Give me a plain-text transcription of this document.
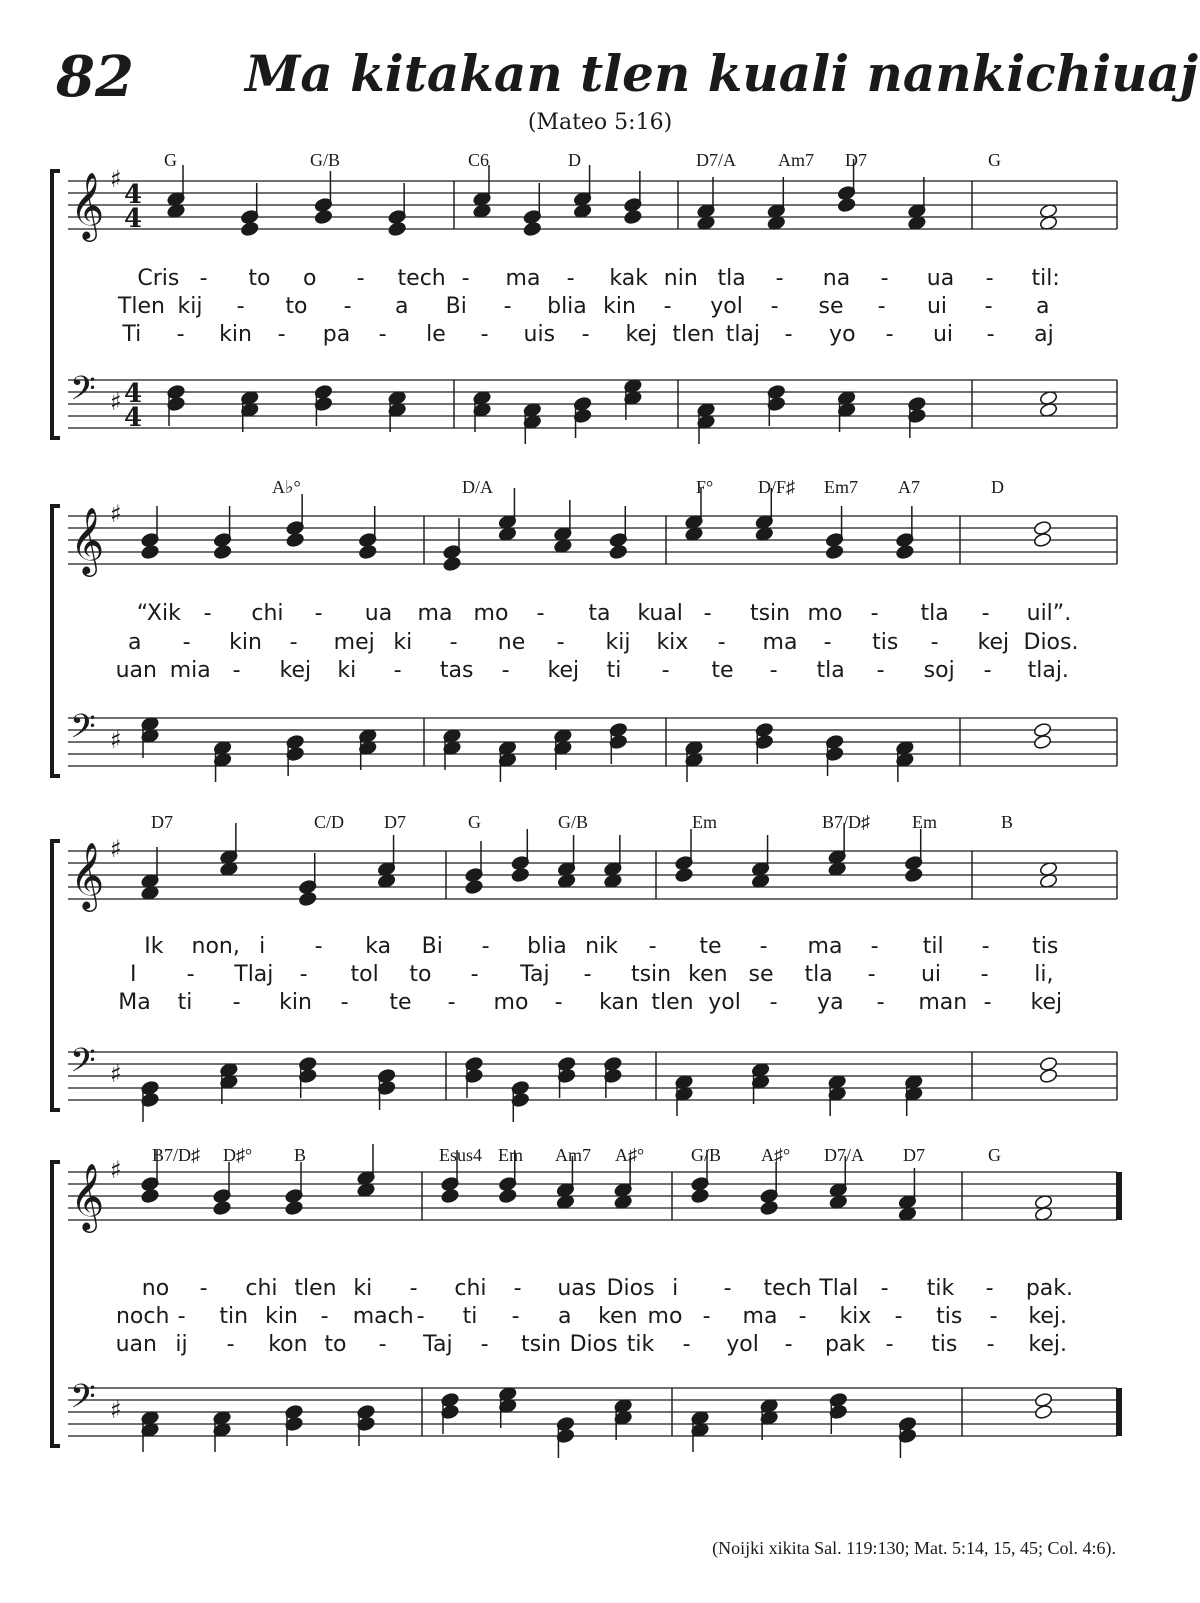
82 Ma kitakan tlen kuali nankichiuaj
(Mateo 5:16)
𝄞 ♯
𝄢 ♯
4
4
4
4
𝄞 ♯
𝄢 ♯
𝄞 ♯
𝄢 ♯
𝄞 ♯
𝄢 ♯
(Noijki xikita Sal. 119:130; Mat. 5:14, 15, 45; Col. 4:6).
G	G/B	C6	D	D7/A Am7 D7	G
Cris - to o - tech - ma - kak nin tla - na - ua - til:
Tlen kij - to - a Bi - blia kin - yol - se - ui - a
Ti - kin - pa - le - uis - kej tlen tlaj - yo - ui - aj
A♭°	D/A	F° D/F♯ Em7 A7	D
“Xik - chi - ua ma mo - ta kual - tsin mo - tla - uil”.
a - kin - mej ki - ne - kij kix - ma - tis - kej Dios.
uan mia - kej ki - tas - kej ti - te - tla - soj - tlaj.
D7	C/D D7	G	G/B	Em	B7/D♯ Em	B
Ik non, i - ka Bi - blia nik - te - ma - til - tis
I - Tlaj - tol to - Taj - tsin ken se tla - ui - li,
Ma ti - kin - te - mo - kan tlen yol - ya - man - kej
B7/D♯ D♯° B	Esus4 Em Am7 A♯°	G/B A♯° D7/A D7	G
no - chi tlen ki - chi - uas Dios i - tech Tlal - tik - pak.
noch - tin kin - mach - ti - a ken mo - ma - kix - tis - kej.
uan ij - kon to - Taj - tsin Dios tik - yol - pak - tis - kej.
